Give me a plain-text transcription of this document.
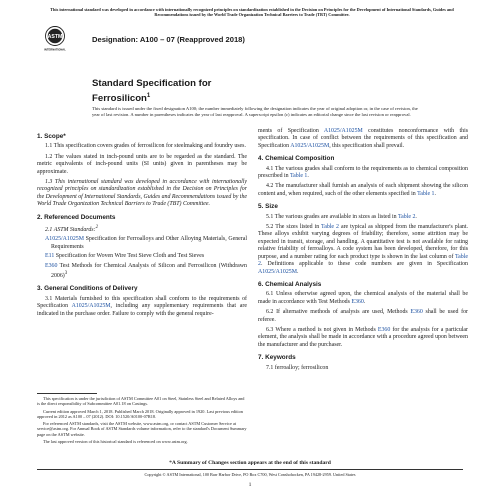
This international standard was developed in accordance with internationally recognized principles on standardization established in the Decision on Principles for the Development of International Standards, Guides and Recommendations issued by the World Trade Organization Technical Barriers to Trade (TBT) Committee.
ASTM
INTERNATIONAL
Designation: A100 – 07 (Reapproved 2018)
Standard Specification for
Ferrosilicon$^1$
This standard is issued under the fixed designation A100; the number immediately following the designation indicates the year of original adoption or, in the case of revision, the year of last revision. A number in parentheses indicates the year of last reapproval. A superscript epsilon (ε) indicates an editorial change since the last revision or reapproval.
1. Scope*

1.1 This specification covers grades of ferrosilicon for steelmaking and foundry uses.

1.2 The values stated in inch-pound units are to be regarded as the standard. The metric equivalents of inch-pound units (SI units) given in parentheses may be approximate.

1.3 This international standard was developed in accordance with internationally recognized principles on standardization established in the Decision on Principles for the Development of International Standards, Guides and Recommendations issued by the World Trade Organization Technical Barriers to Trade (TBT) Committee.

2. Referenced Documents

2.1 ASTM Standards:$^2$

A1025/A1025M Specification for Ferroalloys and Other Alloying Materials, General Requirements

E11 Specification for Woven Wire Test Sieve Cloth and Test Sieves

E360 Test Methods for Chemical Analysis of Silicon and Ferrosilicon (Withdrawn 2006)$^3$

3. General Conditions of Delivery

3.1 Materials furnished to this specification shall conform to the requirements of Specification A1025/A1025M, including any supplementary requirements that are indicated in the purchase order. Failure to comply with the general require-

This specification is under the jurisdiction of ASTM Committee A01 on Steel, Stainless Steel and Related Alloys and is the direct responsibility of Subcommittee A01.18 on Castings.

Current edition approved March 1, 2018. Published March 2018. Originally approved in 1920. Last previous edition approved in 2012 as A100 – 07 (2012). DOI: 10.1520/A0100-07R18.

For referenced ASTM standards, visit the ASTM website, www.astm.org, or contact ASTM Customer Service at service@astm.org. For Annual Book of ASTM Standards volume information, refer to the standard's Document Summary page on the ASTM website.

The last approved version of this historical standard is referenced on www.astm.org.

ments of Specification A1025/A1025M constitutes nonconformance with this specification. In case of conflict between the requirements of this specification and Specification A1025/A1025M, this specification shall prevail.

4. Chemical Composition

4.1 The various grades shall conform to the requirements as to chemical composition prescribed in Table 1.

4.2 The manufacturer shall furnish an analysis of each shipment showing the silicon content and, when required, such of the other elements specified in Table 1.

5. Size

5.1 The various grades are available in sizes as listed in Table 2.

5.2 The sizes listed in Table 2 are typical as shipped from the manufacturer's plant. These alloys exhibit varying degrees of friability; therefore, some attrition may be expected in transit, storage, and handling. A quantitative test is not available for rating relative friability of ferroalloys. A code system has been developed, therefore, for this purpose, and a number rating for each product type is shown in the last column of Table 2. Definitions applicable to these code numbers are given in Specification A1025/A1025M.

6. Chemical Analysis

6.1 Unless otherwise agreed upon, the chemical analysis of the material shall be made in accordance with Test Methods E360.

6.2 If alternative methods of analysis are used, Methods E360 shall be used for referee.

6.3 Where a method is not given in Methods E360 for the analysis for a particular element, the analysis shall be made in accordance with a procedure agreed upon between the manufacturer and the purchaser.

7. Keywords

7.1 ferroalloy; ferrosilicon

*A Summary of Changes section appears at the end of this standard
Copyright © ASTM International, 100 Barr Harbor Drive, PO Box C700, West Conshohocken, PA 19428-2959. United States
1
